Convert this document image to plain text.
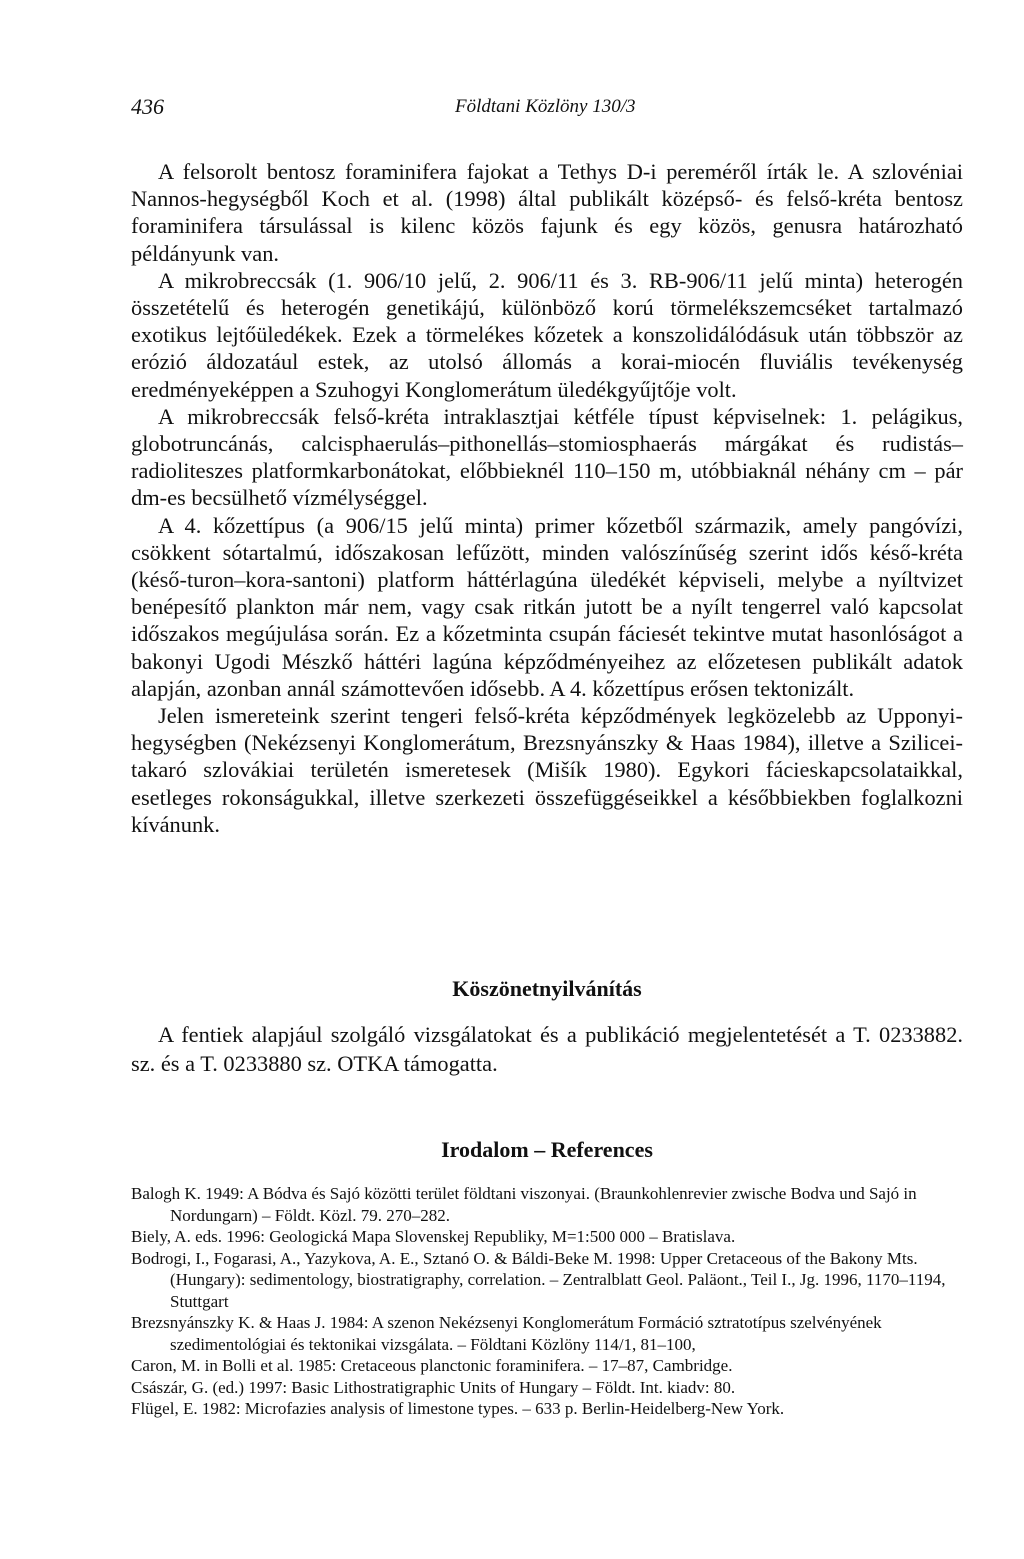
436	Földtani Közlöny 130/3

A felsorolt bentosz foraminifera fajokat a Tethys D-i pereméről írták le. A szlovéniai Nannos-hegységből Koch et al. (1998) által publikált középső- és felső-kréta bentosz foraminifera társulással is kilenc közös fajunk és egy közös, genusra határozható példányunk van.

A mikrobreccsák (1. 906/10 jelű, 2. 906/11 és 3. RB-906/11 jelű minta) heterogén összetételű és heterogén genetikájú, különböző korú törmelékszemcséket tartalmazó exotikus lejtőüledékek. Ezek a törmelékes kőzetek a konszolidálódásuk után többször az erózió áldozatául estek, az utolsó állomás a korai-miocén fluviális tevékenység eredményeképpen a Szuhogyi Konglomerátum üledékgyűjtője volt.

A mikrobreccsák felső-kréta intraklasztjai kétféle típust képviselnek: 1. pelágikus, globotruncánás, calcisphaerulás–pithonellás–stomiosphaerás márgákat és rudistás–radioliteszes platformkarbonátokat, előbbieknél 110–150 m, utóbbiaknál néhány cm – pár dm-es becsülhető vízmélységgel.

A 4. kőzettípus (a 906/15 jelű minta) primer kőzetből származik, amely pangóvízi, csökkent sótartalmú, időszakosan lefűzött, minden valószínűség szerint idős késő-kréta (késő-turon–kora-santoni) platform háttérlagúna üledékét képviseli, melybe a nyíltvizet benépesítő plankton már nem, vagy csak ritkán jutott be a nyílt tengerrel való kapcsolat időszakos megújulása során. Ez a kőzetminta csupán fáciesét tekintve mutat hasonlóságot a bakonyi Ugodi Mészkő háttéri lagúna képződményeihez az előzetesen publikált adatok alapján, azonban annál számottevően idősebb. A 4. kőzettípus erősen tektonizált.

Jelen ismereteink szerint tengeri felső-kréta képződmények legközelebb az Upponyi-hegységben (Nekézsenyi Konglomerátum, Brezsnyánszky & Haas 1984), illetve a Szilicei-takaró szlovákiai területén ismeretesek (Mišík 1980). Egykori fácieskapcsolataikkal, esetleges rokonságukkal, illetve szerkezeti összefüggéseikkel a későbbiekben foglalkozni kívánunk.

Köszönetnyilvánítás

A fentiek alapjául szolgáló vizsgálatokat és a publikáció megjelentetését a T. 0233882. sz. és a T. 0233880 sz. OTKA támogatta.

Irodalom – References

Balogh K. 1949: A Bódva és Sajó közötti terület földtani viszonyai. (Braunkohlenrevier zwische Bodva und Sajó in Nordungarn) – Földt. Közl. 79. 270–282.

Biely, A. eds. 1996: Geologická Mapa Slovenskej Republiky, M=1:500 000 – Bratislava.

Bodrogi, I., Fogarasi, A., Yazykova, A. E., Sztanó O. & Báldi-Beke M. 1998: Upper Cretaceous of the Bakony Mts. (Hungary): sedimentology, biostratigraphy, correlation. – Zentralblatt Geol. Paläont., Teil I., Jg. 1996, 1170–1194, Stuttgart

Brezsnyánszky K. & Haas J. 1984: A szenon Nekézsenyi Konglomerátum Formáció sztratotípus szelvényének szedimentológiai és tektonikai vizsgálata. – Földtani Közlöny 114/1, 81–100,

Caron, M. in Bolli et al. 1985: Cretaceous planctonic foraminifera. – 17–87, Cambridge.

Császár, G. (ed.) 1997: Basic Lithostratigraphic Units of Hungary – Földt. Int. kiadv: 80.

Flügel, E. 1982: Microfazies analysis of limestone types. – 633 p. Berlin-Heidelberg-New York.
